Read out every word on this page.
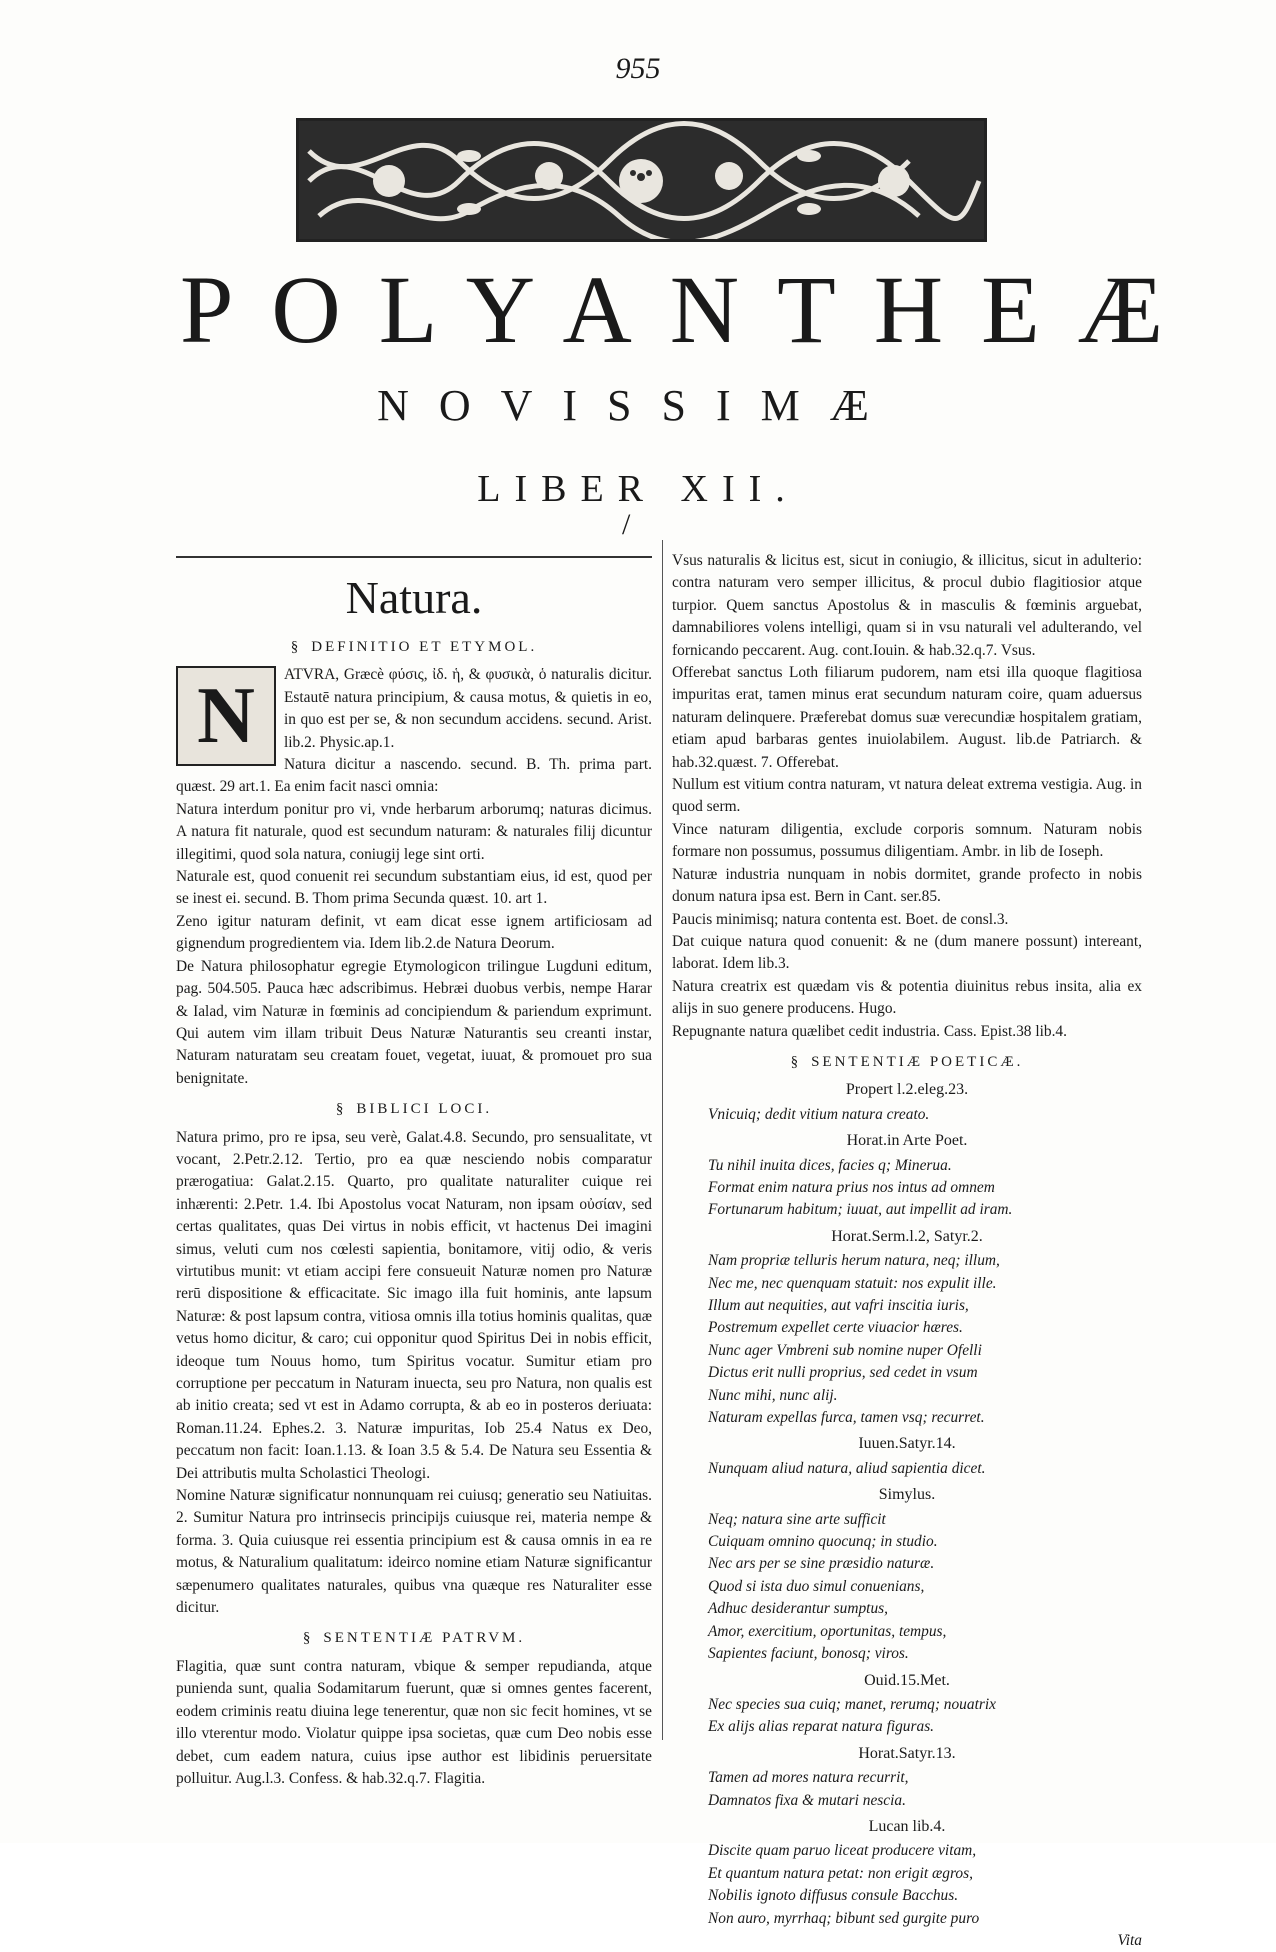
955
POLYANTHEÆ
NOVISSIMÆ
LIBER XII.
/
Natura.
§ DEFINITIO ET ETYMOL.
N	ATVRA, Græcè φύσις, ἰδ. ἡ, & φυσικὰ, ὁ naturalis dicitur. Estautē natura principium, & causa motus, & quietis in eo, in quo est per se, & non secundum accidens. secund. Arist. lib.2. Physic.ap.1.

Natura dicitur a nascendo. secund. B. Th. prima part. quæst. 29 art.1. Ea enim facit nasci omnia:

Natura interdum ponitur pro vi, vnde herbarum arborumq; naturas dicimus. A natura fit naturale, quod est secundum naturam: & naturales filij dicuntur illegitimi, quod sola natura, coniugij lege sint orti.

Naturale est, quod conuenit rei secundum substantiam eius, id est, quod per se inest ei. secund. B. Thom prima Secunda quæst. 10. art 1.

Zeno igitur naturam definit, vt eam dicat esse ignem artificiosam ad gignendum progredientem via. Idem lib.2.de Natura Deorum.

De Natura philosophatur egregie Etymologicon trilingue Lugduni editum, pag. 504.505. Pauca hæc adscribimus. Hebræi duobus verbis, nempe Harar & Ialad, vim Naturæ in fœminis ad concipiendum & pariendum exprimunt. Qui autem vim illam tribuit Deus Naturæ Naturantis seu creanti instar, Naturam naturatam seu creatam fouet, vegetat, iuuat, & promouet pro sua benignitate.

§ BIBLICI LOCI.

Natura primo, pro re ipsa, seu verè, Galat.4.8. Secundo, pro sensualitate, vt vocant, 2.Petr.2.12. Tertio, pro ea quæ nesciendo nobis comparatur prærogatiua: Galat.2.15. Quarto, pro qualitate naturaliter cuique rei inhærenti: 2.Petr. 1.4. Ibi Apostolus vocat Naturam, non ipsam οὐσίαν, sed certas qualitates, quas Dei virtus in nobis efficit, vt hactenus Dei imagini simus, veluti cum nos cœlesti sapientia, bonitamore, vitij odio, & veris virtutibus munit: vt etiam accipi fere consueuit Naturæ nomen pro Naturæ rerū dispositione & efficacitate. Sic imago illa fuit hominis, ante lapsum Naturæ: & post lapsum contra, vitiosa omnis illa totius hominis qualitas, quæ vetus homo dicitur, & caro; cui opponitur quod Spiritus Dei in nobis efficit, ideoque tum Nouus homo, tum Spiritus vocatur. Sumitur etiam pro corruptione per peccatum in Naturam inuecta, seu pro Natura, non qualis est ab initio creata; sed vt est in Adamo corrupta, & ab eo in posteros deriuata: Roman.11.24. Ephes.2. 3. Naturæ impuritas, Iob 25.4 Natus ex Deo, peccatum non facit: Ioan.1.13. & Ioan 3.5 & 5.4. De Natura seu Essentia & Dei attributis multa Scholastici Theologi.

Nomine Naturæ significatur nonnunquam rei cuiusq; generatio seu Natiuitas. 2. Sumitur Natura pro intrinsecis principijs cuiusque rei, materia nempe & forma. 3. Quia cuiusque rei essentia principium est & causa omnis in ea re motus, & Naturalium qualitatum: ideirco nomine etiam Naturæ significantur sæpenumero qualitates naturales, quibus vna quæque res Naturaliter esse dicitur.

§ SENTENTIÆ PATRVM.

Flagitia, quæ sunt contra naturam, vbique & semper repudianda, atque punienda sunt, qualia Sodamitarum fuerunt, quæ si omnes gentes facerent, eodem criminis reatu diuina lege tenerentur, quæ non sic fecit homines, vt se illo vterentur modo. Violatur quippe ipsa societas, quæ cum Deo nobis esse debet, cum eadem natura, cuius ipse author est libidinis peruersitate polluitur. Aug.l.3. Confess. & hab.32.q.7. Flagitia.

Vsus naturalis & licitus est, sicut in coniugio, & illicitus, sicut in adulterio: contra naturam vero semper illicitus, & procul dubio flagitiosior atque turpior. Quem sanctus Apostolus & in masculis & fœminis arguebat, damnabiliores volens intelligi, quam si in vsu naturali vel adulterando, vel fornicando peccarent. Aug. cont.Iouin. & hab.32.q.7. Vsus.

Offerebat sanctus Loth filiarum pudorem, nam etsi illa quoque flagitiosa impuritas erat, tamen minus erat secundum naturam coire, quam aduersus naturam delinquere. Præferebat domus suæ verecundiæ hospitalem gratiam, etiam apud barbaras gentes inuiolabilem. August. lib.de Patriarch. & hab.32.quæst. 7. Offerebat.

Nullum est vitium contra naturam, vt natura deleat extrema vestigia. Aug. in quod serm.

Vince naturam diligentia, exclude corporis somnum. Naturam nobis formare non possumus, possumus diligentiam. Ambr. in lib de Ioseph.

Naturæ industria nunquam in nobis dormitet, grande profecto in nobis donum natura ipsa est. Bern in Cant. ser.85.

Paucis minimisq; natura contenta est. Boet. de consl.3.

Dat cuique natura quod conuenit: & ne (dum manere possunt) intereant, laborat. Idem lib.3.

Natura creatrix est quædam vis & potentia diuinitus rebus insita, alia ex alijs in suo genere producens. Hugo.

Repugnante natura quælibet cedit industria. Cass. Epist.38 lib.4.

§ SENTENTIÆ POETICÆ.
Propert l.2.eleg.23.
Vnicuiq; dedit vitium natura creato.
Horat.in Arte Poet.
Tu nihil inuita dices, facies q; Minerua.
Format enim natura prius nos intus ad omnem
Fortunarum habitum; iuuat, aut impellit ad iram.
Horat.Serm.l.2, Satyr.2.
Nam propriæ telluris herum natura, neq; illum,
Nec me, nec quenquam statuit: nos expulit ille.
Illum aut nequities, aut vafri inscitia iuris,
Postremum expellet certe viuacior hæres.
Nunc ager Vmbreni sub nomine nuper Ofelli
Dictus erit nulli proprius, sed cedet in vsum
Nunc mihi, nunc alij.
Naturam expellas furca, tamen vsq; recurret.
Iuuen.Satyr.14.
Nunquam aliud natura, aliud sapientia dicet.
Simylus.
Neq; natura sine arte sufficit
Cuiquam omnino quocunq; in studio.
Nec ars per se sine præsidio naturæ.
Quod si ista duo simul conuenians,
Adhuc desiderantur sumptus,
Amor, exercitium, oportunitas, tempus,
Sapientes faciunt, bonosq; viros.
Ouid.15.Met.
Nec species sua cuiq; manet, rerumq; nouatrix
Ex alijs alias reparat natura figuras.
Horat.Satyr.13.
Tamen ad mores natura recurrit,
Damnatos fixa & mutari nescia.
Lucan lib.4.
Discite quam paruo liceat producere vitam,
Et quantum natura petat: non erigit ægros,
Nobilis ignoto diffusus consule Bacchus.
Non auro, myrrhaq; bibunt sed gurgite puro
Vita
